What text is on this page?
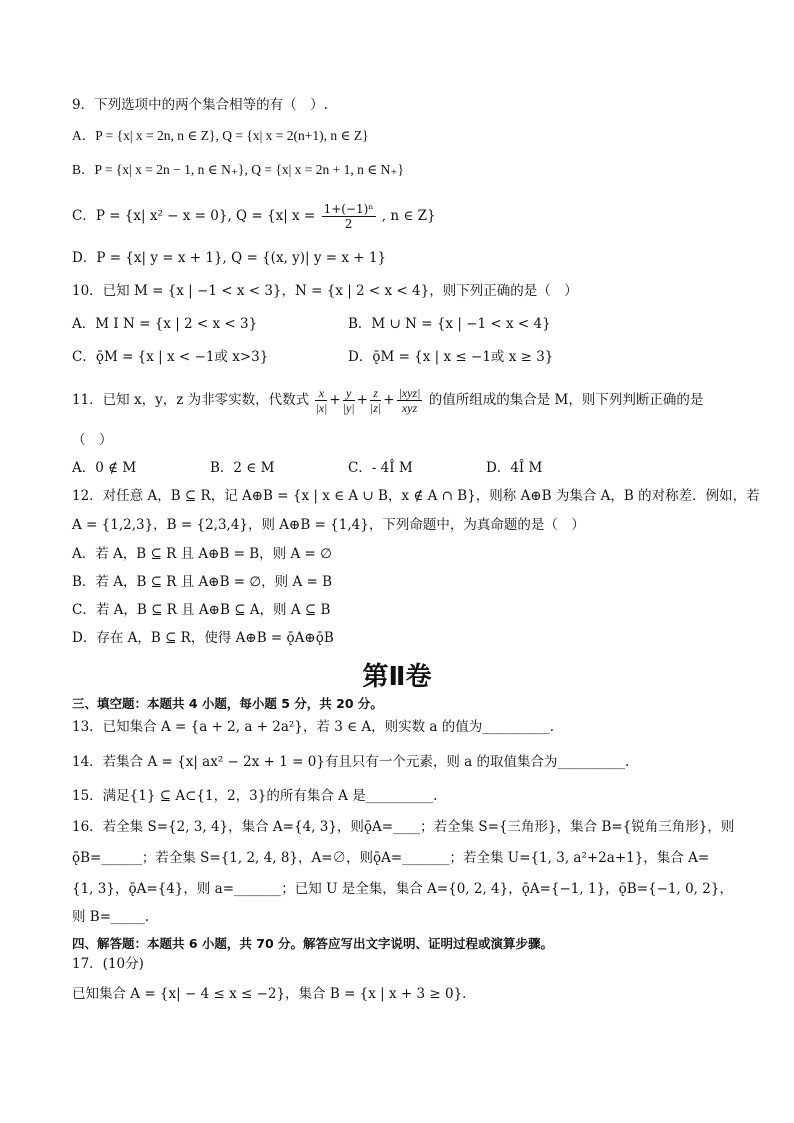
9．下列选项中的两个集合相等的有（　）.
A．P = {x| x = 2n, n ∈ Z}, Q = {x| x = 2(n+1), n ∈ Z}
B．P = {x| x = 2n − 1, n ∈ N₊}, Q = {x| x = 2n + 1, n ∈ N₊}
C．P = {x| x² − x = 0}, Q = {x| $x = \frac{\text{1+(−1)ⁿ}}{2}$ , n ∈ Z}
D．P = {x| y = x + 1}, Q = {(x, y)| y = x + 1}
10．已知 M = {x | −1 < x < 3}，N = {x | 2 < x < 4}，则下列正确的是（　）
A．M I N = {x | 2 < x < 3}	B．M ∪ N = {x | −1 < x < 4}
C．ǭM = {x | x < −1或 x>3}	D．ǭM = {x | x ≤ −1或 x ≥ 3}
11．已知 x，y，z 为非零实数，代数式 $\frac{x}{|x|} + \frac{y}{|y|} + \frac{z}{|z|} + \frac{\text{|xyz|}}{\text{xyz}}$ 的值所组成的集合是 M，则下列判断正确的是
（　）
A．0 ∉ M	B．2 ∈ M	C．- 4Î M	D．4Î M
12．对任意 A，B ⊆ R，记 A⊕B = {x | x ∈ A ∪ B，x ∉ A ∩ B}，则称 A⊕B 为集合 A，B 的对称差．例如，若
A = {1,2,3}，B = {2,3,4}，则 A⊕B = {1,4}，下列命题中，为真命题的是（　）
A．若 A，B ⊆ R 且 A⊕B = B，则 A = ∅
B．若 A，B ⊆ R 且 A⊕B = ∅，则 A = B
C．若 A，B ⊆ R 且 A⊕B ⊆ A，则 A ⊆ B
D．存在 A，B ⊆ R，使得 A⊕B = ǭA⊕ǭB
第Ⅱ卷
三、填空题：本题共 4 小题，每小题 5 分，共 20 分。
13．已知集合 A = {a + 2, a + 2a²}，若 3 ∈ A，则实数 a 的值为__________.
14．若集合 A = {x| ax² − 2x + 1 = 0}有且只有一个元素，则 a 的取值集合为__________.
15．满足{1} ⊆ A⊂{1，2，3}的所有集合 A 是__________.
16．若全集 S={2, 3, 4}，集合 A={4, 3}，则ǭA=____；若全集 S={三角形}，集合 B={锐角三角形}，则
ǭB=______；若全集 S={1, 2, 4, 8}，A=∅，则ǭA=_______；若全集 U={1, 3, a²+2a+1}，集合 A=
{1, 3}，ǭA={4}，则 a=_______；已知 U 是全集，集合 A={0, 2, 4}，ǭA={−1, 1}，ǭB={−1, 0, 2}，
则 B=_____.
四、解答题：本题共 6 小题，共 70 分。解答应写出文字说明、证明过程或演算步骤。
17．(10分)
已知集合 A = {x| − 4 ≤ x ≤ −2}，集合 B = {x | x + 3 ≥ 0}．
